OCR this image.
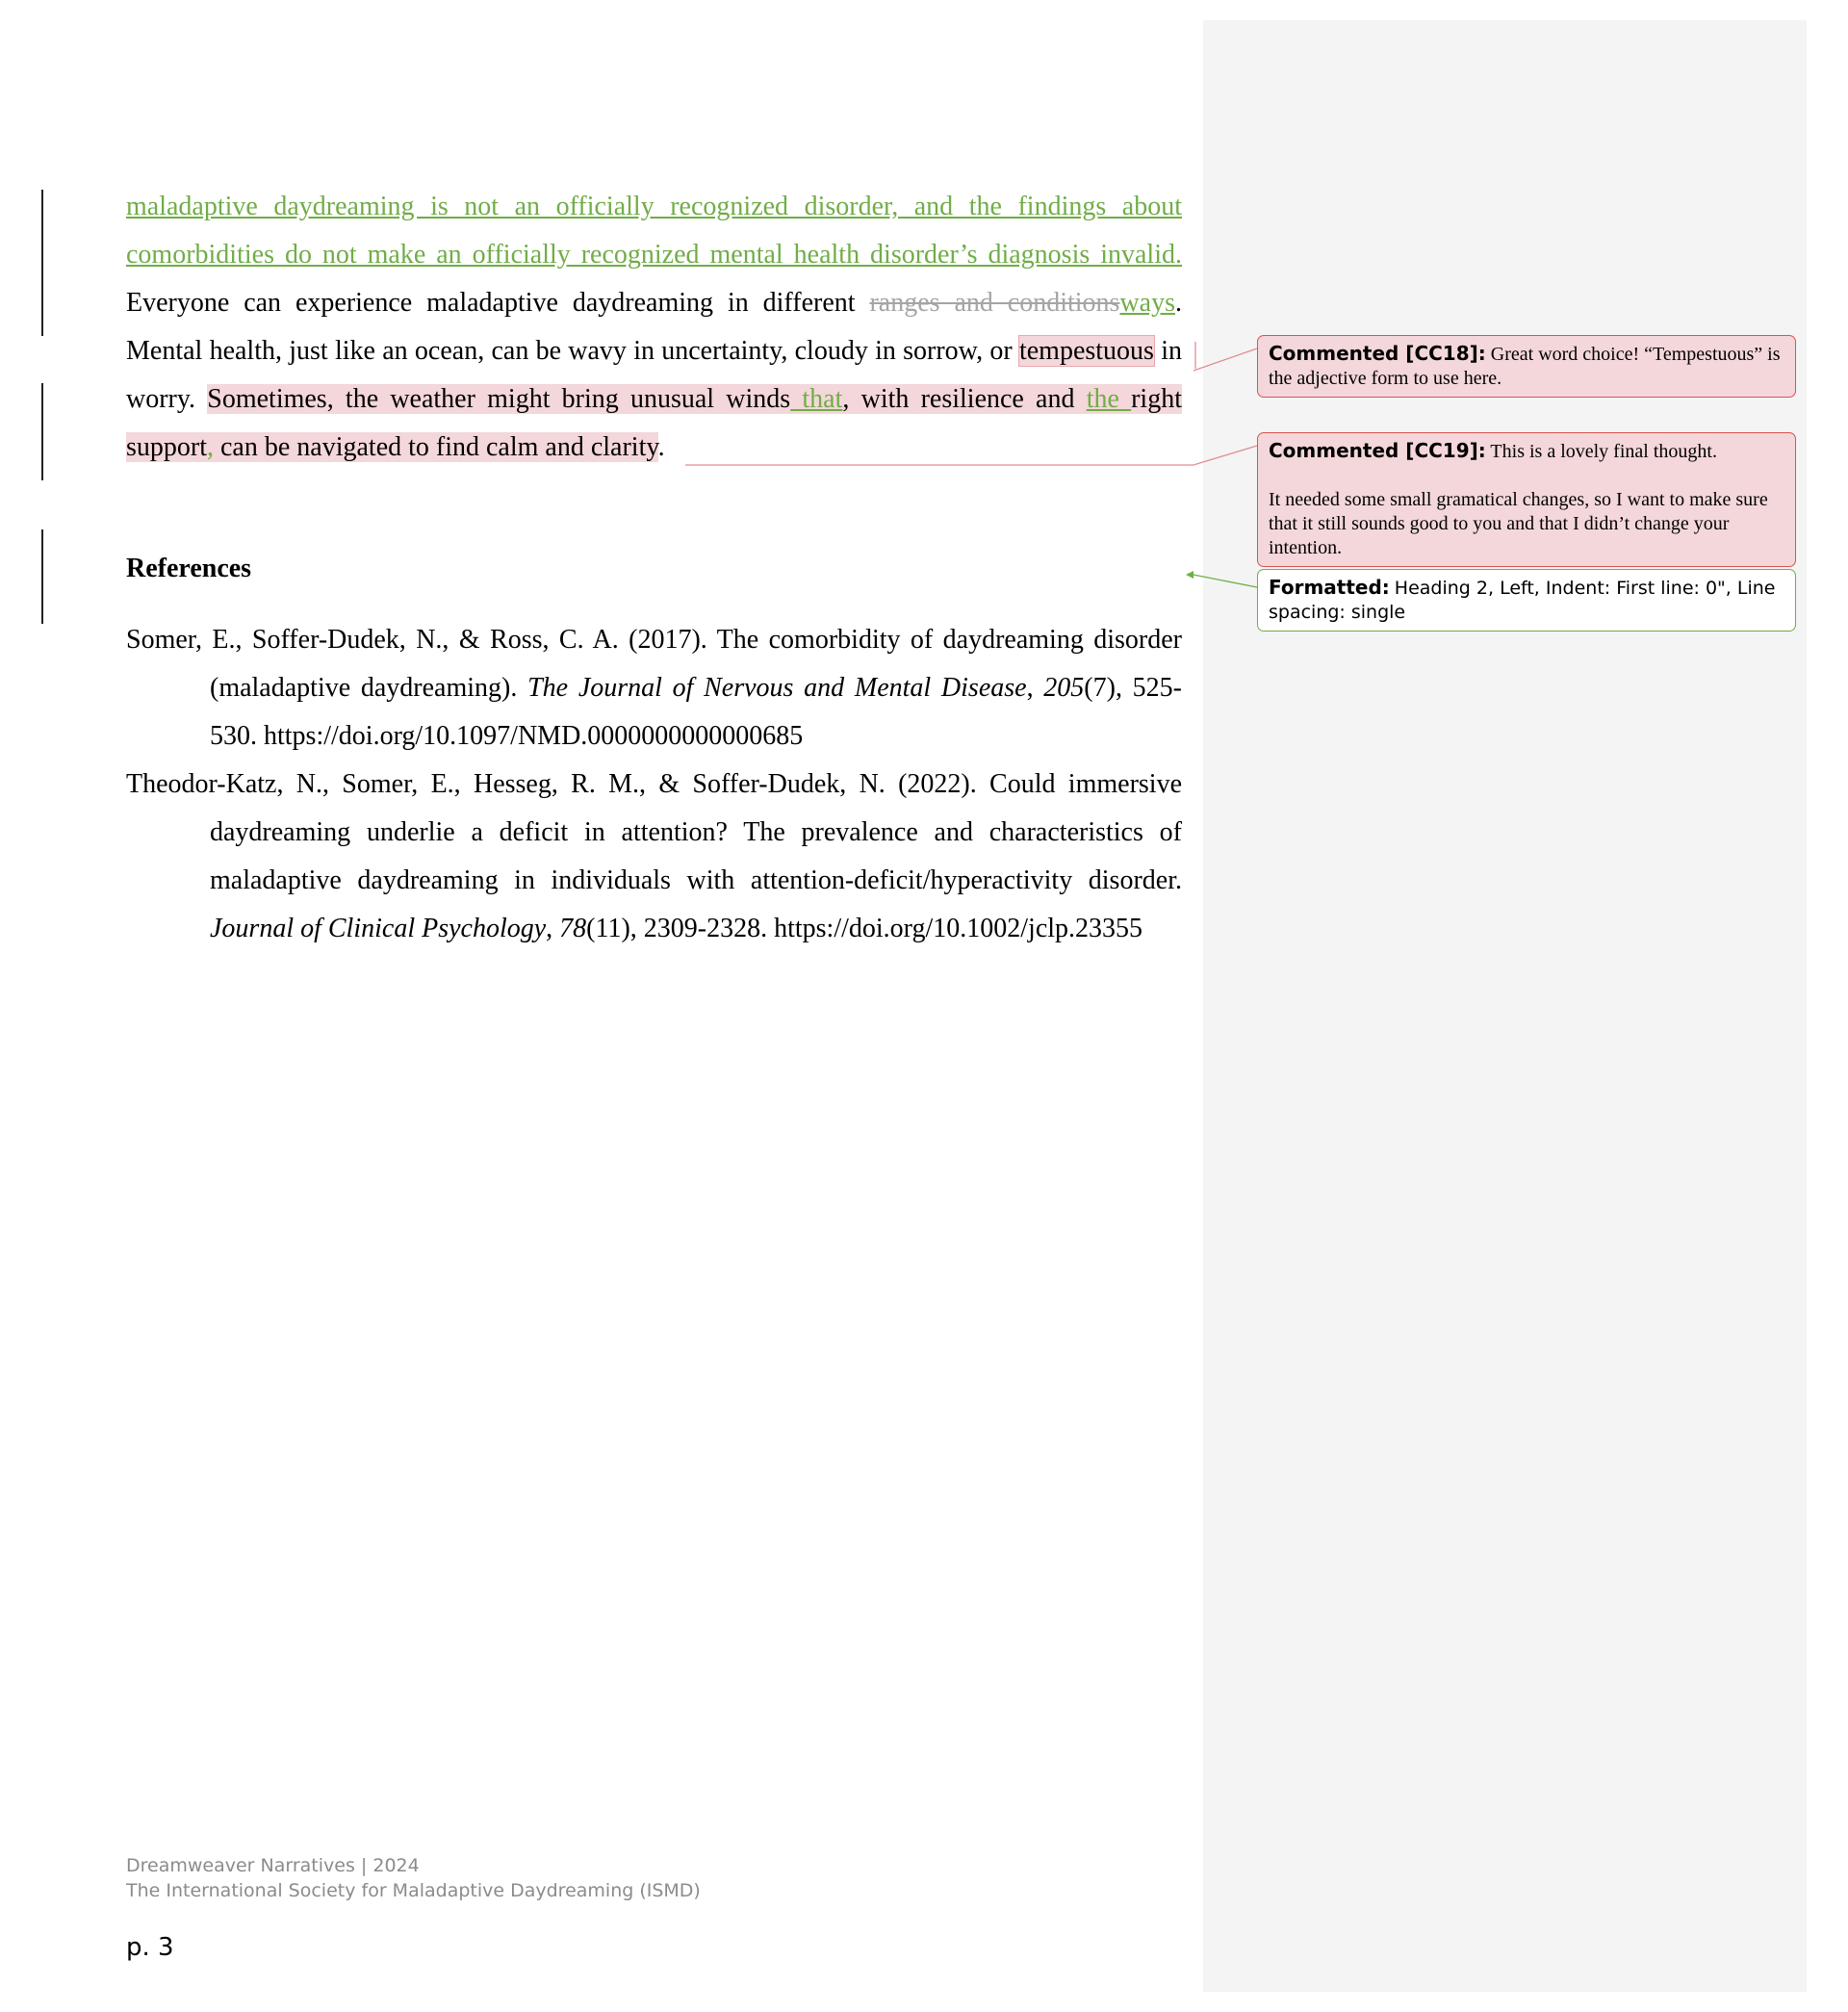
maladaptive daydreaming is not an officially recognized disorder, and the findings about comorbidities do not make an officially recognized mental health disorder’s diagnosis invalid. Everyone can experience maladaptive daydreaming in different ranges and conditionsways. Mental health, just like an ocean, can be wavy in uncertainty, cloudy in sorrow, or tempestuous in worry. Sometimes, the weather might bring unusual winds that, with resilience and the right support, can be navigated to find calm and clarity.

References

Somer, E., Soffer-Dudek, N., & Ross, C. A. (2017). The comorbidity of daydreaming disorder (maladaptive daydreaming). The Journal of Nervous and Mental Disease, 205(7), 525-530. https://doi.org/10.1097/NMD.0000000000000685

Theodor-Katz, N., Somer, E., Hesseg, R. M., & Soffer-Dudek, N. (2022). Could immersive daydreaming underlie a deficit in attention? The prevalence and characteristics of maladaptive daydreaming in individuals with attention-deficit/hyperactivity disorder. Journal of Clinical Psychology, 78(11), 2309-2328. https://doi.org/10.1002/jclp.23355

Commented [CC18]: Great word choice! “Tempestuous” is the adjective form to use here.

Commented [CC19]: This is a lovely final thought.

It needed some small gramatical changes, so I want to make sure that it still sounds good to you and that I didn’t change your intention.

Formatted: Heading 2, Left, Indent: First line: 0", Line spacing: single

Dreamweaver Narratives | 2024
The International Society for Maladaptive Daydreaming (ISMD)
p. 3
